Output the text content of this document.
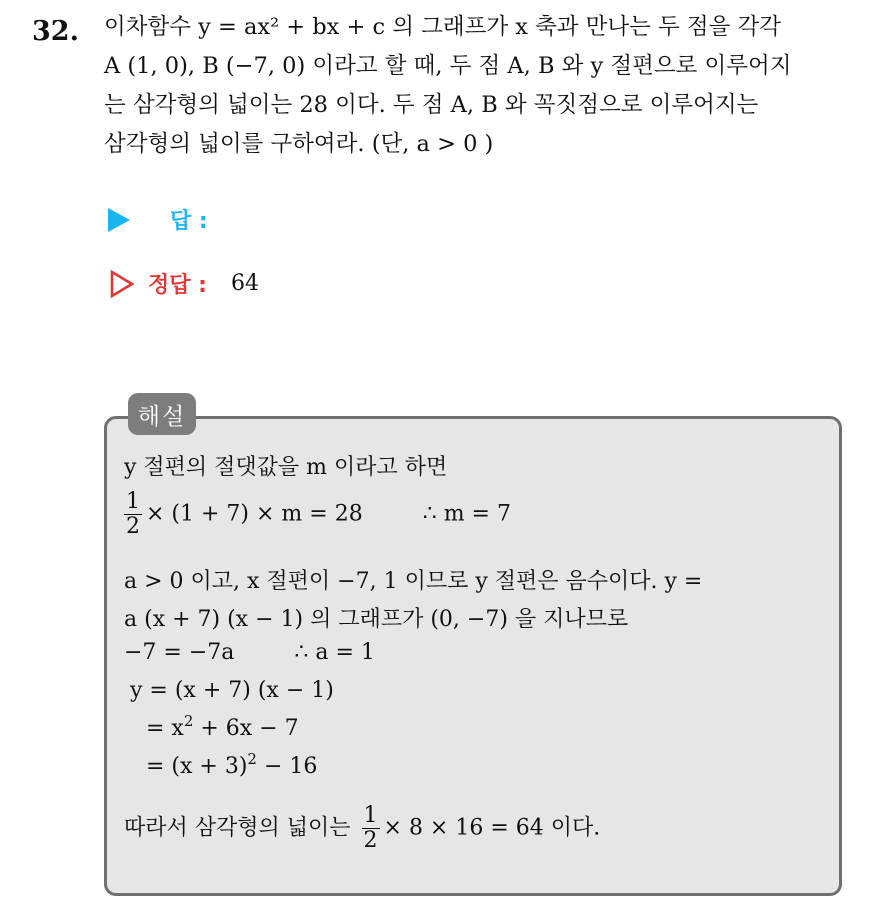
32. 이차함수 y = ax² + bx + c 의 그래프가 x 축과 만나는 두 점을 각각
A (1, 0), B (−7, 0) 이라고 할 때, 두 점 A, B 와 y 절편으로 이루어지
는 삼각형의 넓이는 28 이다. 두 점 A, B 와 꼭짓점으로 이루어지는
삼각형의 넓이를 구하여라. (단, a > 0 )
답 :
정답 : 64
해설
y 절편의 절댓값을 m 이라고 하면
$\frac{1}{2} \times (1 + 7) \times m = 28$	∴ m = 7
a > 0 이고, x 절편이 −7, 1 이므로 y 절편은 음수이다. y =
a (x + 7) (x − 1) 의 그래프가 (0, −7) 을 지나므로
−7 = −7a	∴ a = 1
y = (x + 7) (x − 1)
= $x^2 + 6x - 7$
= $(x + 3)^2 - 16$
따라서 삼각형의 넓이는 $\frac{1}{2} \times 8 \times 16 = 64$ 이다.
